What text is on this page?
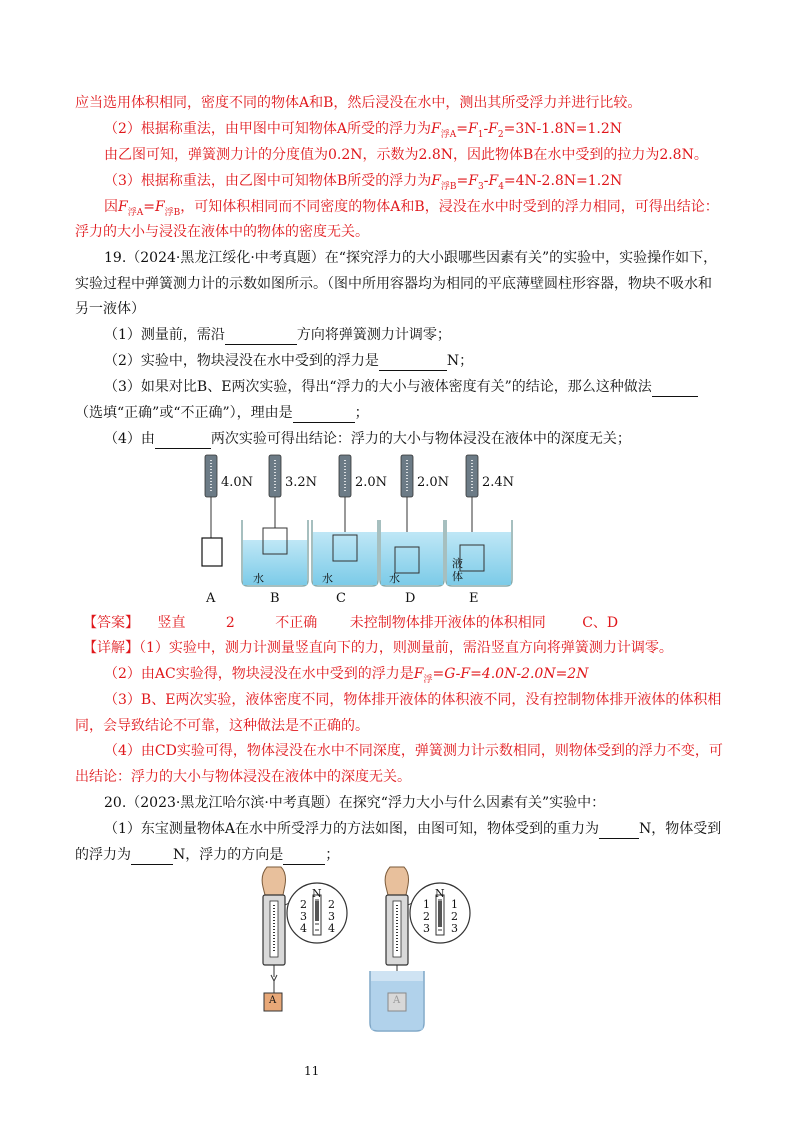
应当选用体积相同，密度不同的物体A和B，然后浸没在水中，测出其所受浮力并进行比较。
（2）根据称重法，由甲图中可知物体A所受的浮力为$F_{浮A}=F_1-F_2=3N-1.8N=1.2N$
由乙图可知，弹簧测力计的分度值为0.2N，示数为2.8N，因此物体B在水中受到的拉力为2.8N。
（3）根据称重法，由乙图中可知物体B所受的浮力为$F_{浮B}=F_3-F_4=4N-2.8N=1.2N$
因$F_{浮A}=F_{浮B}$，可知体积相同而不同密度的物体A和B，浸没在水中时受到的浮力相同，可得出结论：
浮力的大小与浸没在液体中的物体的密度无关。
19.（2024·黑龙江绥化·中考真题）在“探究浮力的大小跟哪些因素有关”的实验中，实验操作如下，
实验过程中弹簧测力计的示数如图所示。（图中所用容器均为相同的平底薄壁圆柱形容器，物块不吸水和
另一液体）
（1）测量前，需沿	方向将弹簧测力计调零；
（2）实验中，物块浸没在水中受到的浮力是	N；
（3）如果对比B、E两次实验，得出“浮力的大小与液体密度有关”的结论，那么这种做法
（选填“正确”或“不正确”），理由是	；
（4）由	两次实验可得出结论：浮力的大小与物体浸没在液体中的深度无关；
4.0N 3.2N	2.0N 2.0N	2.4N
水	水	水
液体
A	B	C	D	E
【答案】 竖直	2	不正确 未控制物体排开液体的体积相同	C、D
【详解】（1）实验中，测力计测量竖直向下的力，则测量前，需沿竖直方向将弹簧测力计调零。
（2）由AC实验得，物块浸没在水中受到的浮力是$F_浮=G-F=4.0N-2.0N=2N$
（3）B、E两次实验，液体密度不同，物体排开液体的体积液不同，没有控制物体排开液体的体积相
同，会导致结论不可靠，这种做法是不正确的。
（4）由CD实验可得，物体浸没在水中不同深度，弹簧测力计示数相同，则物体受到的浮力不变，可
出结论：浮力的大小与物体浸没在液体中的深度无关。
20.（2023·黑龙江哈尔滨·中考真题）在探究“浮力大小与什么因素有关”实验中：
（1）东宝测量物体A在水中所受浮力的方法如图，由图可知，物体受到的重力为	N，物体受到
的浮力为	N，浮力的方向是	；
N
2
3
4
2
3
4
N
1
2
3
1
2
3
A	A
11
